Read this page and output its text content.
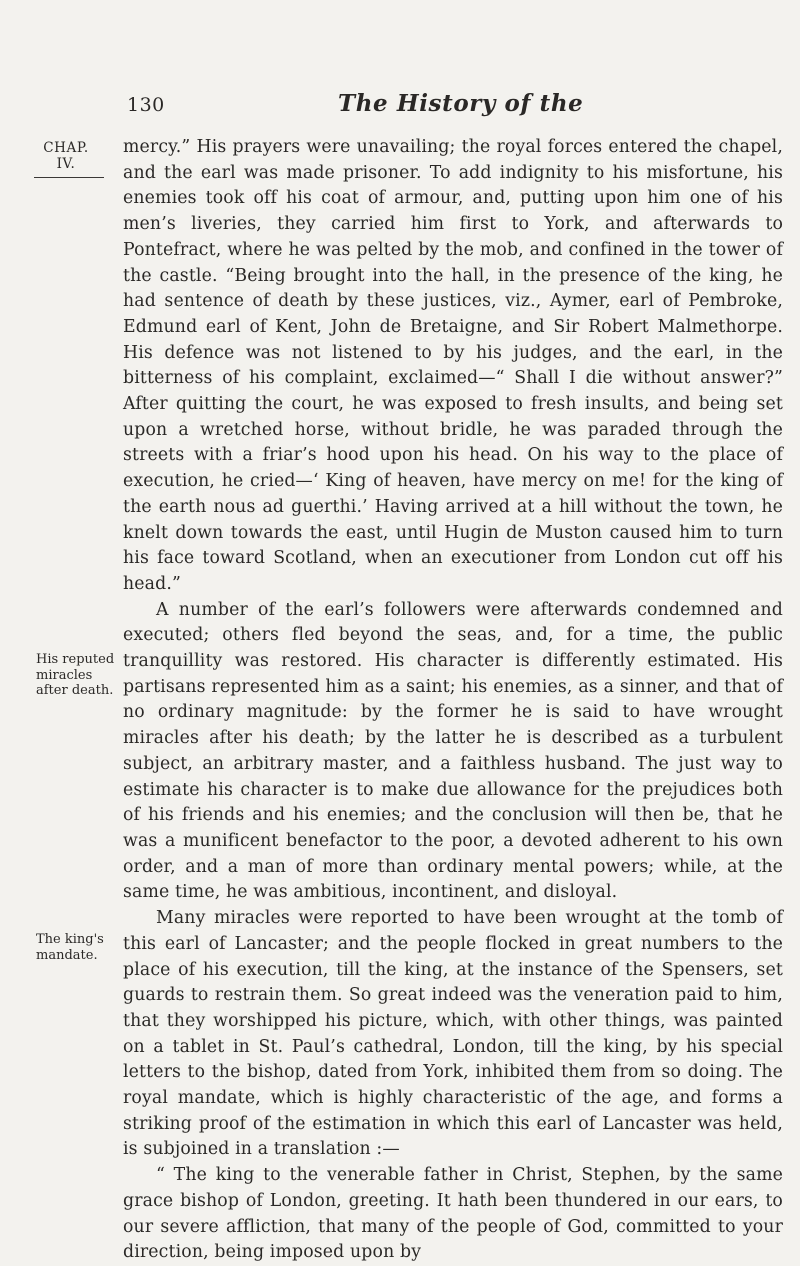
130	The History of the
CHAP.
IV.
His reputed miracles after death.
The king's mandate.

mercy.” His prayers were unavailing; the royal forces entered the chapel, and the earl was made prisoner. To add indignity to his misfortune, his enemies took off his coat of armour, and, putting upon him one of his men’s liveries, they carried him first to York, and afterwards to Pontefract, where he was pelted by the mob, and confined in the tower of the castle. “Being brought into the hall, in the presence of the king, he had sentence of death by these justices, viz., Aymer, earl of Pembroke, Edmund earl of Kent, John de Bretaigne, and Sir Robert Malmethorpe. His defence was not listened to by his judges, and the earl, in the bitterness of his complaint, exclaimed—“ Shall I die without answer?” After quitting the court, he was exposed to fresh insults, and being set upon a wretched horse, without bridle, he was paraded through the streets with a friar’s hood upon his head. On his way to the place of execution, he cried—‘ King of heaven, have mercy on me! for the king of the earth nous ad guerthi.’ Having arrived at a hill without the town, he knelt down towards the east, until Hugin de Muston caused him to turn his face toward Scotland, when an executioner from London cut off his head.”

A number of the earl’s followers were afterwards condemned and executed; others fled beyond the seas, and, for a time, the public tranquillity was restored. His character is differently estimated. His partisans represented him as a saint; his enemies, as a sinner, and that of no ordinary magnitude: by the former he is said to have wrought miracles after his death; by the latter he is described as a turbulent subject, an arbitrary master, and a faithless husband. The just way to estimate his character is to make due allowance for the prejudices both of his friends and his enemies; and the conclusion will then be, that he was a munificent benefactor to the poor, a devoted adherent to his own order, and a man of more than ordinary mental powers; while, at the same time, he was ambitious, incontinent, and disloyal.

Many miracles were reported to have been wrought at the tomb of this earl of Lancaster; and the people flocked in great numbers to the place of his execution, till the king, at the instance of the Spensers, set guards to restrain them. So great indeed was the veneration paid to him, that they worshipped his picture, which, with other things, was painted on a tablet in St. Paul’s cathedral, London, till the king, by his special letters to the bishop, dated from York, inhibited them from so doing. The royal mandate, which is highly characteristic of the age, and forms a striking proof of the estimation in which this earl of Lancaster was held, is subjoined in a translation :—

“ The king to the venerable father in Christ, Stephen, by the same grace bishop of London, greeting. It hath been thundered in our ears, to our severe affliction, that many of the people of God, committed to your direction, being imposed upon by
